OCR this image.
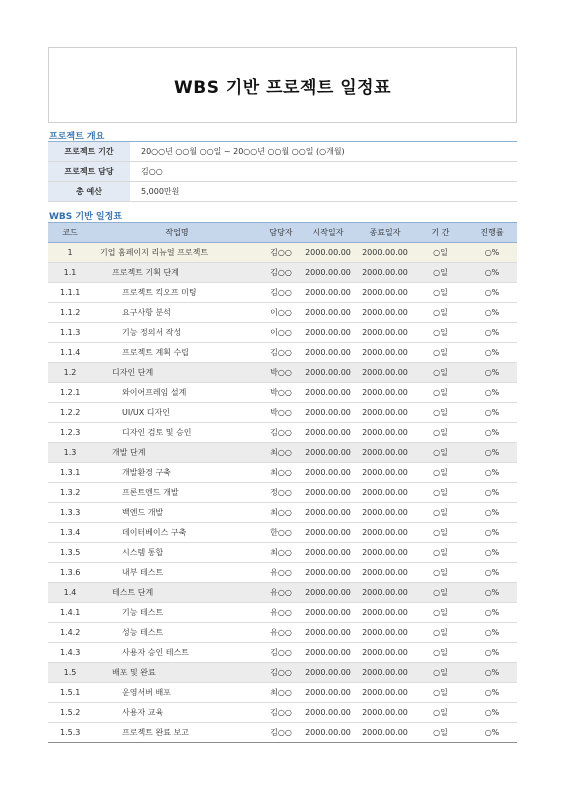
WBS 기반 프로젝트 일정표
프로젝트 개요
프로젝트 기간	20○○년 ○○월 ○○일 ~ 20○○년 ○○월 ○○일 (○개월)
프로젝트 담당	김○○
총 예산	5,000만원
WBS 기반 일정표
코드	작업명	담당자	시작일자	종료일자	기 간	진행률
1	기업 홈페이지 리뉴얼 프로젝트	김○○	2000.00.00	2000.00.00	○일	○%
1.1	프로젝트 기획 단계	김○○	2000.00.00	2000.00.00	○일	○%
1.1.1	프로젝트 킥오프 미팅	김○○	2000.00.00	2000.00.00	○일	○%
1.1.2	요구사항 분석	이○○	2000.00.00	2000.00.00	○일	○%
1.1.3	기능 정의서 작성	이○○	2000.00.00	2000.00.00	○일	○%
1.1.4	프로젝트 계획 수립	김○○	2000.00.00	2000.00.00	○일	○%
1.2	디자인 단계	박○○	2000.00.00	2000.00.00	○일	○%
1.2.1	와이어프레임 설계	박○○	2000.00.00	2000.00.00	○일	○%
1.2.2	UI/UX 디자인	박○○	2000.00.00	2000.00.00	○일	○%
1.2.3	디자인 검토 및 승인	김○○	2000.00.00	2000.00.00	○일	○%
1.3	개발 단계	최○○	2000.00.00	2000.00.00	○일	○%
1.3.1	개발환경 구축	최○○	2000.00.00	2000.00.00	○일	○%
1.3.2	프론트엔드 개발	정○○	2000.00.00	2000.00.00	○일	○%
1.3.3	백엔드 개발	최○○	2000.00.00	2000.00.00	○일	○%
1.3.4	데이터베이스 구축	한○○	2000.00.00	2000.00.00	○일	○%
1.3.5	시스템 통합	최○○	2000.00.00	2000.00.00	○일	○%
1.3.6	내부 테스트	유○○	2000.00.00	2000.00.00	○일	○%
1.4	테스트 단계	유○○	2000.00.00	2000.00.00	○일	○%
1.4.1	기능 테스트	유○○	2000.00.00	2000.00.00	○일	○%
1.4.2	성능 테스트	유○○	2000.00.00	2000.00.00	○일	○%
1.4.3	사용자 승인 테스트	김○○	2000.00.00	2000.00.00	○일	○%
1.5	배포 및 완료	김○○	2000.00.00	2000.00.00	○일	○%
1.5.1	운영서버 배포	최○○	2000.00.00	2000.00.00	○일	○%
1.5.2	사용자 교육	김○○	2000.00.00	2000.00.00	○일	○%
1.5.3	프로젝트 완료 보고	김○○	2000.00.00	2000.00.00	○일	○%
